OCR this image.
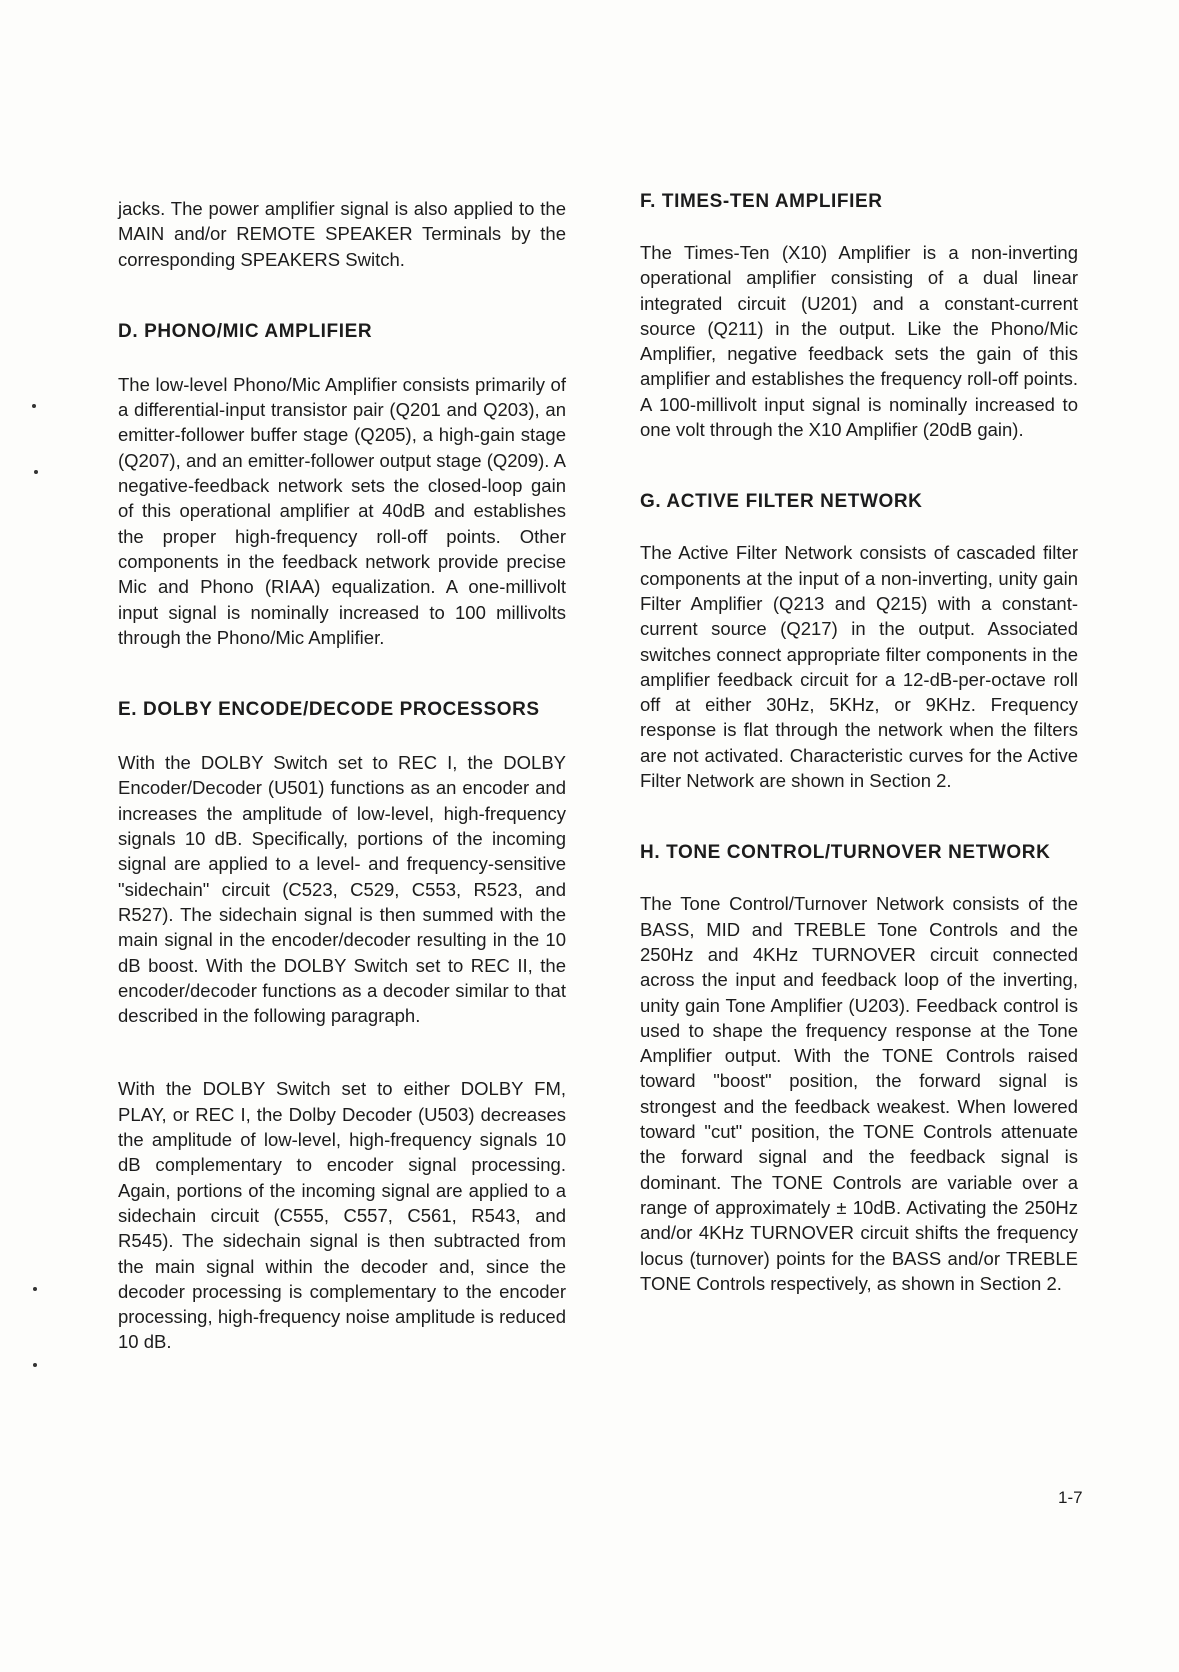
jacks. The power amplifier signal is also applied to the MAIN and/or REMOTE SPEAKER Terminals by the corresponding SPEAKERS Switch.

D. PHONO/MIC AMPLIFIER

The low-level Phono/Mic Amplifier consists primarily of a differential-input transistor pair (Q201 and Q203), an emitter-follower buffer stage (Q205), a high-gain stage (Q207), and an emitter-follower output stage (Q209). A negative-feedback network sets the closed-loop gain of this operational amplifier at 40dB and establishes the proper high-frequency roll-off points. Other components in the feedback network provide precise Mic and Phono (RIAA) equalization. A one-millivolt input signal is nominally increased to 100 millivolts through the Phono/Mic Amplifier.

E. DOLBY ENCODE/DECODE PROCESSORS

With the DOLBY Switch set to REC I, the DOLBY Encoder/Decoder (U501) functions as an encoder and increases the amplitude of low-level, high-frequency signals 10 dB. Specifically, portions of the incoming signal are applied to a level- and frequency-sensitive "sidechain" circuit (C523, C529, C553, R523, and R527). The sidechain signal is then summed with the main signal in the encoder/decoder resulting in the 10 dB boost. With the DOLBY Switch set to REC II, the encoder/decoder functions as a decoder similar to that described in the following paragraph.

With the DOLBY Switch set to either DOLBY FM, PLAY, or REC I, the Dolby Decoder (U503) decreases the amplitude of low-level, high-frequency signals 10 dB complementary to encoder signal processing. Again, portions of the incoming signal are applied to a sidechain circuit (C555, C557, C561, R543, and R545). The sidechain signal is then subtracted from the main signal within the decoder and, since the decoder processing is complementary to the encoder processing, high-frequency noise amplitude is reduced 10 dB.

F. TIMES-TEN AMPLIFIER

The Times-Ten (X10) Amplifier is a non-inverting operational amplifier consisting of a dual linear integrated circuit (U201) and a constant-current source (Q211) in the output. Like the Phono/Mic Amplifier, negative feedback sets the gain of this amplifier and establishes the frequency roll-off points. A 100-millivolt input signal is nominally increased to one volt through the X10 Amplifier (20dB gain).

G. ACTIVE FILTER NETWORK

The Active Filter Network consists of cascaded filter components at the input of a non-inverting, unity gain Filter Amplifier (Q213 and Q215) with a constant-current source (Q217) in the output. Associated switches connect appropriate filter components in the amplifier feedback circuit for a 12-dB-per-octave roll off at either 30Hz, 5KHz, or 9KHz. Frequency response is flat through the network when the filters are not activated. Characteristic curves for the Active Filter Network are shown in Section 2.

H. TONE CONTROL/TURNOVER NETWORK

The Tone Control/Turnover Network consists of the BASS, MID and TREBLE Tone Controls and the 250Hz and 4KHz TURNOVER circuit connected across the input and feedback loop of the inverting, unity gain Tone Amplifier (U203). Feedback control is used to shape the frequency response at the Tone Amplifier output. With the TONE Controls raised toward "boost" position, the forward signal is strongest and the feedback weakest. When lowered toward "cut" position, the TONE Controls attenuate the forward signal and the feedback signal is dominant. The TONE Controls are variable over a range of approximately ± 10dB. Activating the 250Hz and/or 4KHz TURNOVER circuit shifts the frequency locus (turnover) points for the BASS and/or TREBLE TONE Controls respectively, as shown in Section 2.

1-7
